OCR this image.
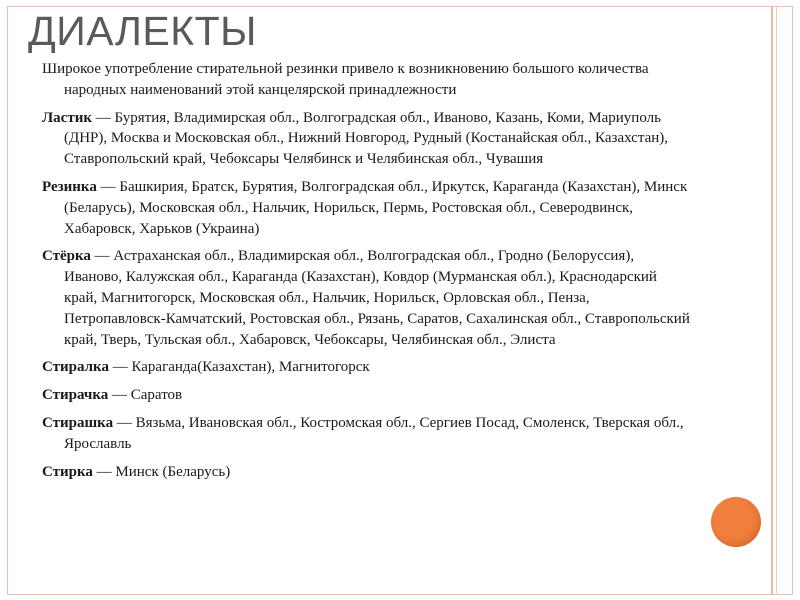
ДИАЛЕКТЫ

Широкое употребление стирательной резинки привело к возникновению большого количества народных наименований этой канцелярской принадлежности

Ластик — Бурятия, Владимирская обл., Волгоградская обл., Иваново, Казань, Коми, Мариуполь (ДНР), Москва и Московская обл., Нижний Новгород, Рудный (Костанайская обл., Казахстан), Ставропольский край, Чебоксары Челябинск и Челябинская обл., Чувашия

Резинка — Башкирия, Братск, Бурятия, Волгоградская обл., Иркутск, Караганда (Казахстан), Минск (Беларусь), Московская обл., Нальчик, Норильск, Пермь, Ростовская обл., Северодвинск, Хабаровск, Харьков (Украина)

Стёрка — Астраханская обл., Владимирская обл., Волгоградская обл., Гродно (Белоруссия), Иваново, Калужская обл., Караганда (Казахстан), Ковдор (Мурманская обл.), Краснодарский край, Магнитогорск, Московская обл., Нальчик, Норильск, Орловская обл., Пенза, Петропавловск-Камчатский, Ростовская обл., Рязань, Саратов, Сахалинская обл., Ставропольский край, Тверь, Тульская обл., Хабаровск, Чебоксары, Челябинская обл., Элиста

Стиралка — Караганда(Казахстан), Магнитогорск

Стирачка — Саратов

Стирашка — Вязьма, Ивановская обл., Костромская обл., Сергиев Посад, Смоленск, Тверская обл., Ярославль

Стирка — Минск (Беларусь)
